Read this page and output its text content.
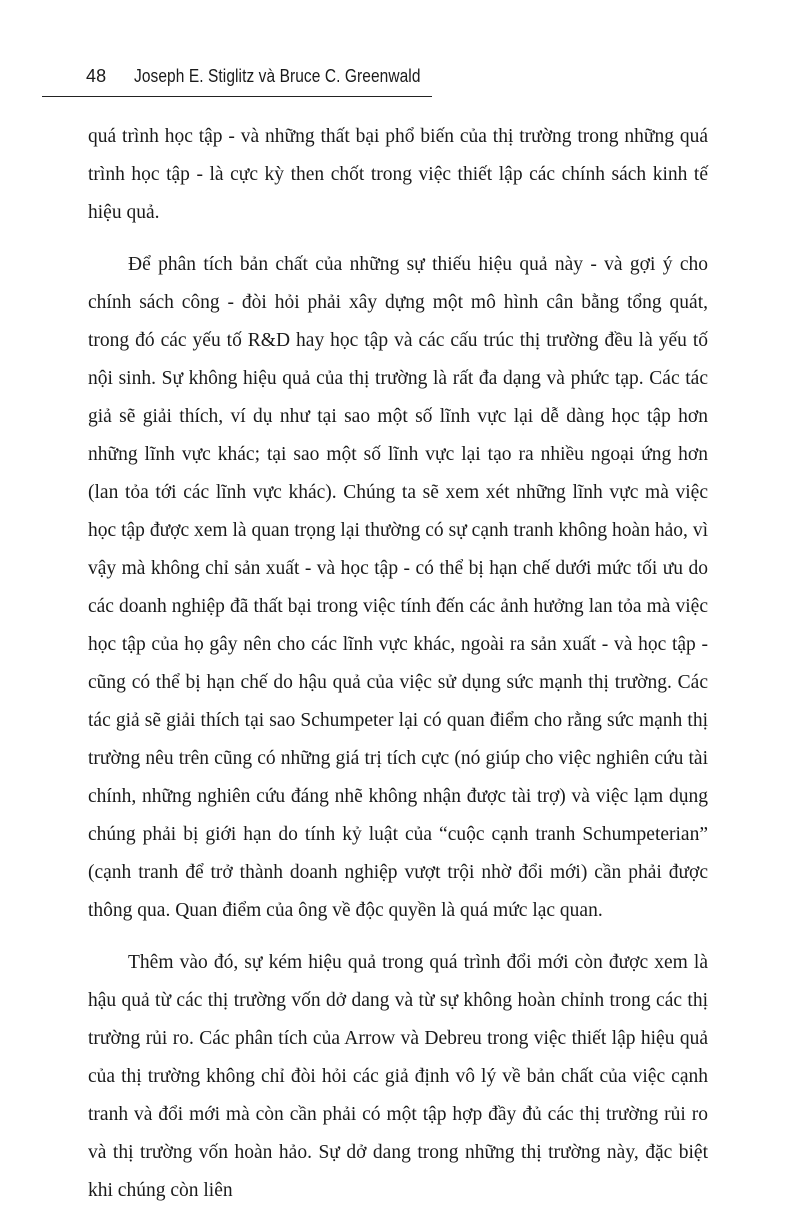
48 Joseph E. Stiglitz và Bruce C. Greenwald

quá trình học tập - và những thất bại phổ biến của thị trường trong những quá trình học tập - là cực kỳ then chốt trong việc thiết lập các chính sách kinh tế hiệu quả.

Để phân tích bản chất của những sự thiếu hiệu quả này - và gợi ý cho chính sách công - đòi hỏi phải xây dựng một mô hình cân bằng tổng quát, trong đó các yếu tố R&D hay học tập và các cấu trúc thị trường đều là yếu tố nội sinh. Sự không hiệu quả của thị trường là rất đa dạng và phức tạp. Các tác giả sẽ giải thích, ví dụ như tại sao một số lĩnh vực lại dễ dàng học tập hơn những lĩnh vực khác; tại sao một số lĩnh vực lại tạo ra nhiều ngoại ứng hơn (lan tỏa tới các lĩnh vực khác). Chúng ta sẽ xem xét những lĩnh vực mà việc học tập được xem là quan trọng lại thường có sự cạnh tranh không hoàn hảo, vì vậy mà không chỉ sản xuất - và học tập - có thể bị hạn chế dưới mức tối ưu do các doanh nghiệp đã thất bại trong việc tính đến các ảnh hưởng lan tỏa mà việc học tập của họ gây nên cho các lĩnh vực khác, ngoài ra sản xuất - và học tập - cũng có thể bị hạn chế do hậu quả của việc sử dụng sức mạnh thị trường. Các tác giả sẽ giải thích tại sao Schumpeter lại có quan điểm cho rằng sức mạnh thị trường nêu trên cũng có những giá trị tích cực (nó giúp cho việc nghiên cứu tài chính, những nghiên cứu đáng nhẽ không nhận được tài trợ) và việc lạm dụng chúng phải bị giới hạn do tính kỷ luật của “cuộc cạnh tranh Schumpeterian” (cạnh tranh để trở thành doanh nghiệp vượt trội nhờ đổi mới) cần phải được thông qua. Quan điểm của ông về độc quyền là quá mức lạc quan.

Thêm vào đó, sự kém hiệu quả trong quá trình đổi mới còn được xem là hậu quả từ các thị trường vốn dở dang và từ sự không hoàn chỉnh trong các thị trường rủi ro. Các phân tích của Arrow và Debreu trong việc thiết lập hiệu quả của thị trường không chỉ đòi hỏi các giả định vô lý về bản chất của việc cạnh tranh và đổi mới mà còn cần phải có một tập hợp đầy đủ các thị trường rủi ro và thị trường vốn hoàn hảo. Sự dở dang trong những thị trường này, đặc biệt khi chúng còn liên
